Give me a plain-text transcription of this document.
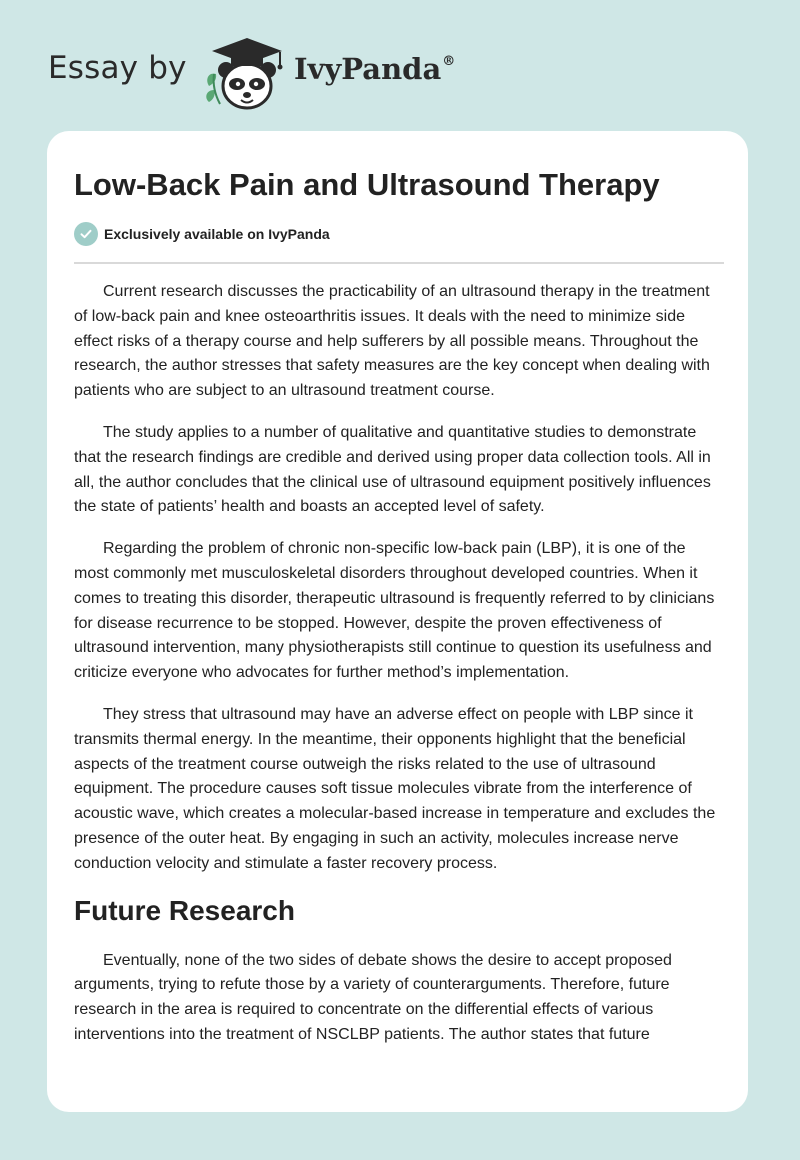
Essay by	IvyPanda®
Low-Back Pain and Ultrasound Therapy
Exclusively available on IvyPanda

Current research discusses the practicability of an ultrasound therapy in the treatment of low-back pain and knee osteoarthritis issues. It deals with the need to minimize side effect risks of a therapy course and help sufferers by all possible means. Throughout the research, the author stresses that safety measures are the key concept when dealing with patients who are subject to an ultrasound treatment course.

The study applies to a number of qualitative and quantitative studies to demonstrate that the research findings are credible and derived using proper data collection tools. All in all, the author concludes that the clinical use of ultrasound equipment positively influences the state of patients’ health and boasts an accepted level of safety.

Regarding the problem of chronic non-specific low-back pain (LBP), it is one of the most commonly met musculoskeletal disorders throughout developed countries. When it comes to treating this disorder, therapeutic ultrasound is frequently referred to by clinicians for disease recurrence to be stopped. However, despite the proven effectiveness of ultrasound intervention, many physiotherapists still continue to question its usefulness and criticize everyone who advocates for further method’s implementation.

They stress that ultrasound may have an adverse effect on people with LBP since it transmits thermal energy. In the meantime, their opponents highlight that the beneficial aspects of the treatment course outweigh the risks related to the use of ultrasound equipment. The procedure causes soft tissue molecules vibrate from the interference of acoustic wave, which creates a molecular-based increase in temperature and excludes the presence of the outer heat. By engaging in such an activity, molecules increase nerve conduction velocity and stimulate a faster recovery process.

Future Research

Eventually, none of the two sides of debate shows the desire to accept proposed arguments, trying to refute those by a variety of counterarguments. Therefore, future research in the area is required to concentrate on the differential effects of various interventions into the treatment of NSCLBP patients. The author states that future
